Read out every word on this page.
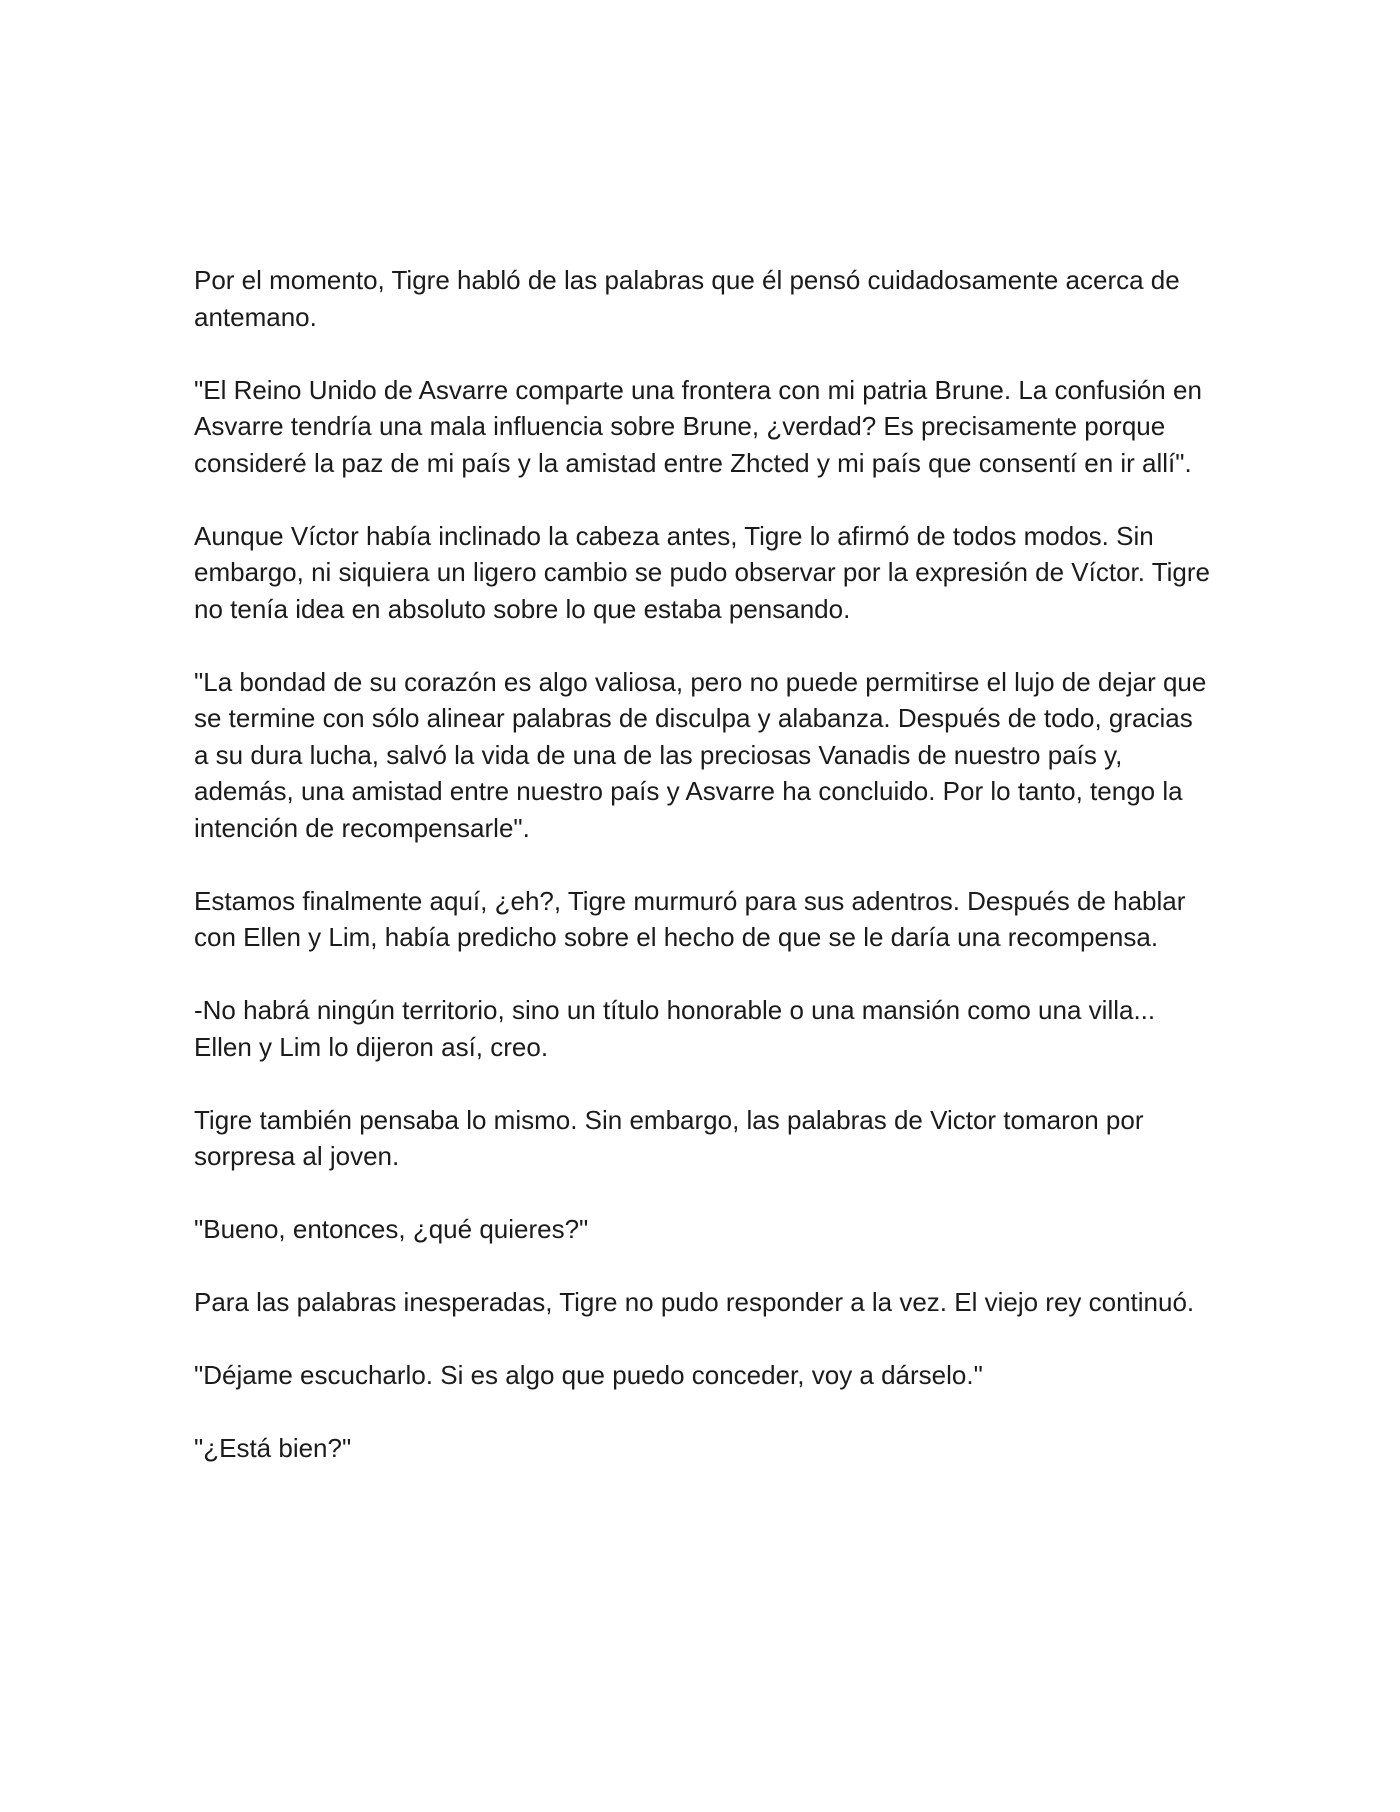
Por el momento, Tigre habló de las palabras que él pensó cuidadosamente acerca de antemano.

"El Reino Unido de Asvarre comparte una frontera con mi patria Brune. La confusión en Asvarre tendría una mala influencia sobre Brune, ¿verdad? Es precisamente porque consideré la paz de mi país y la amistad entre Zhcted y mi país que consentí en ir allí".

Aunque Víctor había inclinado la cabeza antes, Tigre lo afirmó de todos modos. Sin embargo, ni siquiera un ligero cambio se pudo observar por la expresión de Víctor. Tigre no tenía idea en absoluto sobre lo que estaba pensando.

"La bondad de su corazón es algo valiosa, pero no puede permitirse el lujo de dejar que se termine con sólo alinear palabras de disculpa y alabanza. Después de todo, gracias a su dura lucha, salvó la vida de una de las preciosas Vanadis de nuestro país y, además, una amistad entre nuestro país y Asvarre ha concluido. Por lo tanto, tengo la intención de recompensarle".

Estamos finalmente aquí, ¿eh?, Tigre murmuró para sus adentros. Después de hablar con Ellen y Lim, había predicho sobre el hecho de que se le daría una recompensa.

-No habrá ningún territorio, sino un título honorable o una mansión como una villa... Ellen y Lim lo dijeron así, creo.

Tigre también pensaba lo mismo. Sin embargo, las palabras de Victor tomaron por sorpresa al joven.

"Bueno, entonces, ¿qué quieres?"

Para las palabras inesperadas, Tigre no pudo responder a la vez. El viejo rey continuó.

"Déjame escucharlo. Si es algo que puedo conceder, voy a dárselo."

"¿Está bien?"
